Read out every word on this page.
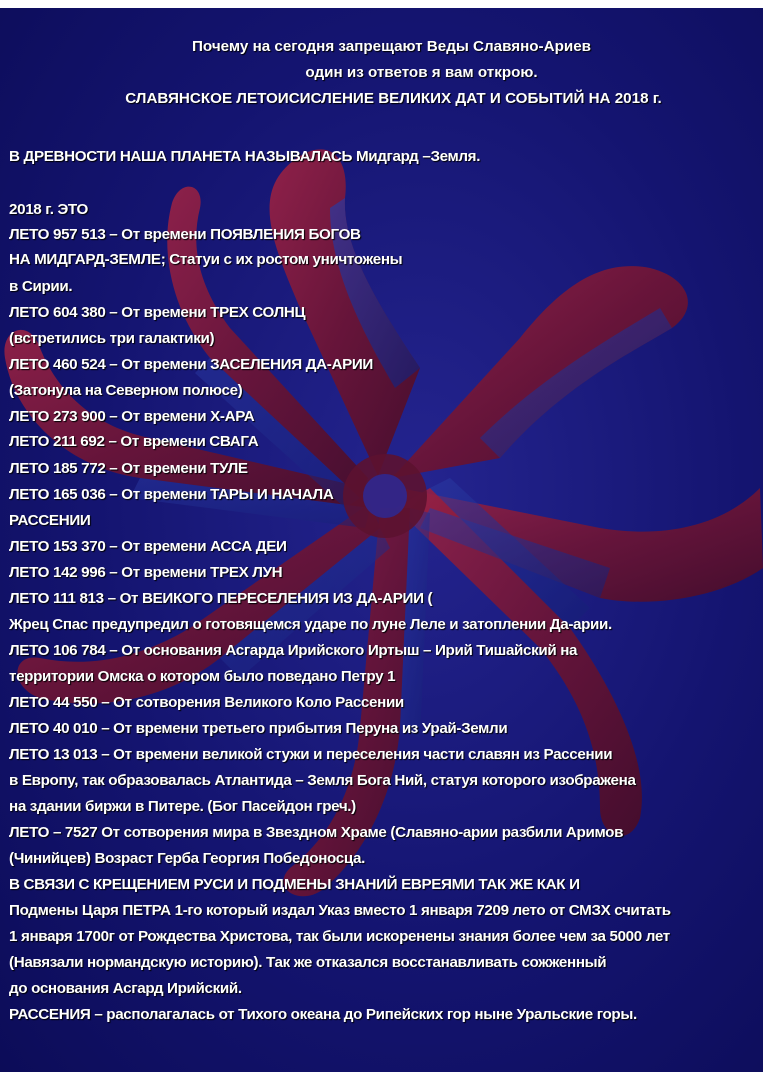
Почему на сегодня запрещают Веды Славяно-Ариев
один из ответов я вам открою.
СЛАВЯНСКОЕ ЛЕТОИСИСЛЕНИЕ ВЕЛИКИХ ДАТ И СОБЫТИЙ НА 2018 г.
В ДРЕВНОСТИ НАША ПЛАНЕТА НАЗЫВАЛАСЬ Мидгард –Земля.
2018 г. ЭТО
ЛЕТО 957 513 – От времени ПОЯВЛЕНИЯ БОГОВ
НА МИДГАРД-ЗЕМЛЕ; Статуи с их ростом уничтожены
в Сирии.
ЛЕТО 604 380 – От времени ТРЕХ СОЛНЦ
(встретились три галактики)
ЛЕТО 460 524 – От времени ЗАСЕЛЕНИЯ ДА-АРИИ
(Затонула на Северном полюсе)
ЛЕТО 273 900 – От времени Х-АРА
ЛЕТО 211 692 – От времени СВАГА
ЛЕТО 185 772 – От времени ТУЛЕ
ЛЕТО 165 036 – От времени ТАРЫ И НАЧАЛА
РАССЕНИИ
ЛЕТО 153 370 – От времени АССА ДЕИ
ЛЕТО 142 996 – От времени ТРЕХ ЛУН
ЛЕТО 111 813 – От ВЕИКОГО ПЕРЕСЕЛЕНИЯ ИЗ ДА-АРИИ (
Жрец Спас предупредил о готовящемся ударе по луне Леле и затоплении Да-арии.
ЛЕТО 106 784 – От основания Асгарда Ирийского Иртыш – Ирий Тишайский на
территории Омска о котором было поведано Петру 1
ЛЕТО 44 550 – От сотворения Великого Коло Рассении
ЛЕТО 40 010 – От времени третьего прибытия Перуна из Урай-Земли
ЛЕТО 13 013 – От времени великой стужи и переселения части славян из Рассении
в Европу, так образовалась Атлантида – Земля Бога Ний, статуя которого изображена
на здании биржи в Питере. (Бог Пасейдон греч.)
ЛЕТО – 7527 От сотворения мира в Звездном Храме (Славяно-арии разбили Аримов
(Чинийцев) Возраст Герба Георгия Победоносца.
В СВЯЗИ С КРЕЩЕНИЕМ РУСИ И ПОДМЕНЫ ЗНАНИЙ ЕВРЕЯМИ ТАК ЖЕ КАК И
Подмены Царя ПЕТРА 1-го который издал Указ вместо 1 января 7209 лето от СМЗХ считать
1 января 1700г от Рождества Христова, так были искоренены знания более чем за 5000 лет
(Навязали нормандскую историю). Так же отказался восстанавливать сожженный
до основания Асгард Ирийский.
РАССЕНИЯ – располагалась от Тихого океана до Рипейских гор ныне Уральские горы.
